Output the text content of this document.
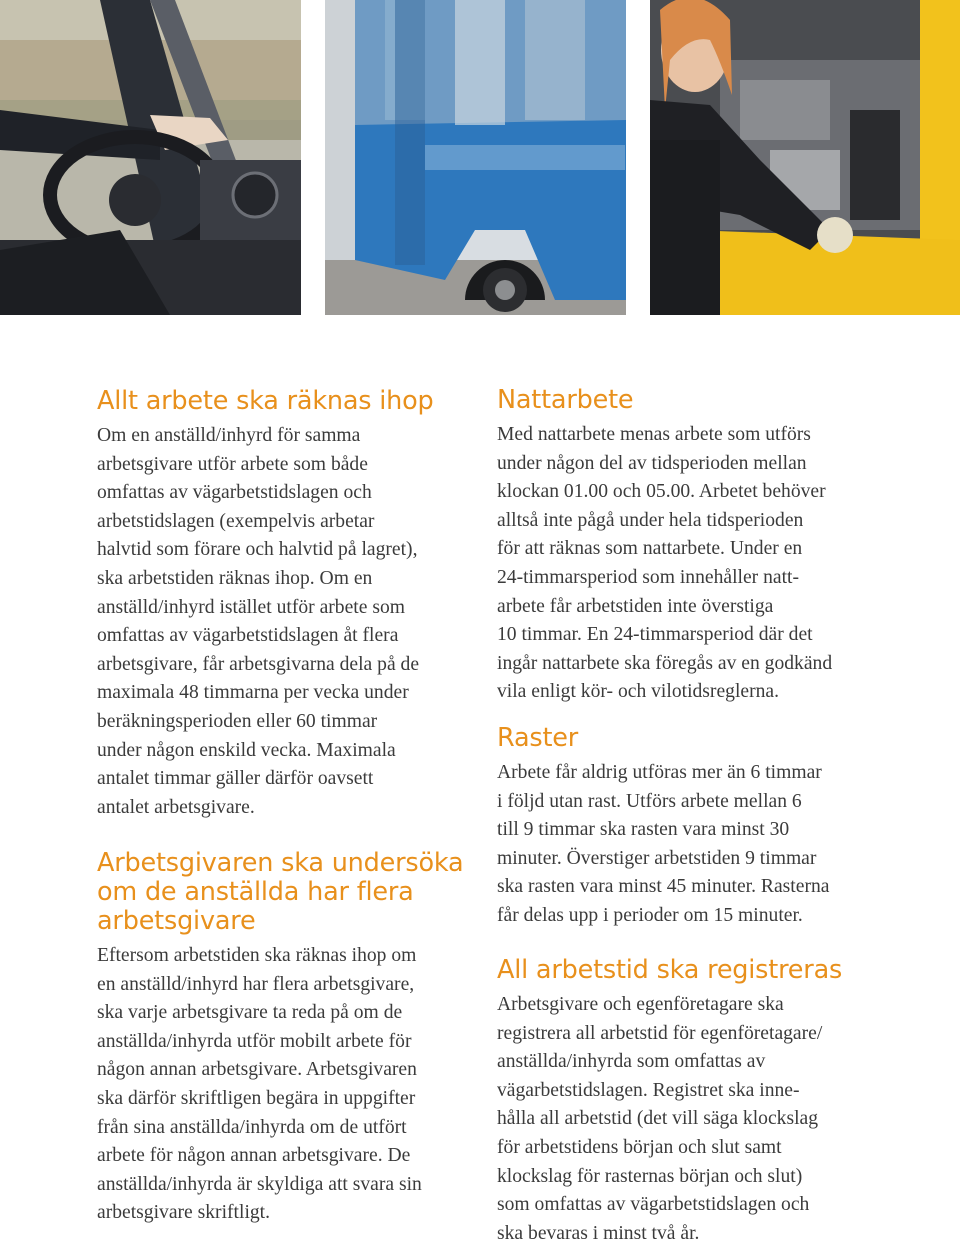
Allt arbete ska räknas ihop

Om en anställd/inhyrd för samma
arbetsgivare utför arbete som både
omfattas av vägarbetstidslagen och
arbetstidslagen (exempelvis arbetar
halvtid som förare och halvtid på lagret),
ska arbetstiden räknas ihop. Om en
anställd/inhyrd istället utför arbete som
omfattas av vägarbetstidslagen åt flera
arbetsgivare, får arbetsgivarna dela på de
maximala 48 timmarna per vecka under
beräkningsperioden eller 60 timmar
under någon enskild vecka. Maximala
antalet timmar gäller därför oavsett
antalet arbetsgivare.

Arbetsgivaren ska undersöka
om de anställda har flera
arbetsgivare

Eftersom arbetstiden ska räknas ihop om
en anställd/inhyrd har flera arbetsgivare,
ska varje arbetsgivare ta reda på om de
anställda/inhyrda utför mobilt arbete för
någon annan arbetsgivare. Arbetsgivaren
ska därför skriftligen begära in uppgifter
från sina anställda/inhyrda om de utfört
arbete för någon annan arbetsgivare. De
anställda/inhyrda är skyldiga att svara sin
arbetsgivare skriftligt.

Nattarbete

Med nattarbete menas arbete som utförs
under någon del av tidsperioden mellan
klockan 01.00 och 05.00. Arbetet behöver
alltså inte pågå under hela tidsperioden
för att räknas som nattarbete. Under en
24-timmarsperiod som innehåller natt-
arbete får arbetstiden inte överstiga
10 timmar. En 24-timmarsperiod där det
ingår nattarbete ska föregås av en godkänd
vila enligt kör- och vilotidsreglerna.

Raster

Arbete får aldrig utföras mer än 6 timmar
i följd utan rast. Utförs arbete mellan 6
till 9 timmar ska rasten vara minst 30
minuter. Överstiger arbetstiden 9 timmar
ska rasten vara minst 45 minuter. Rasterna
får delas upp i perioder om 15 minuter.

All arbetstid ska registreras

Arbetsgivare och egenföretagare ska
registrera all arbetstid för egenföretagare/
anställda/inhyrda som omfattas av
vägarbetstidslagen. Registret ska inne-
hålla all arbetstid (det vill säga klockslag
för arbetstidens början och slut samt
klockslag för rasternas början och slut)
som omfattas av vägarbetstidslagen och
ska bevaras i minst två år.
